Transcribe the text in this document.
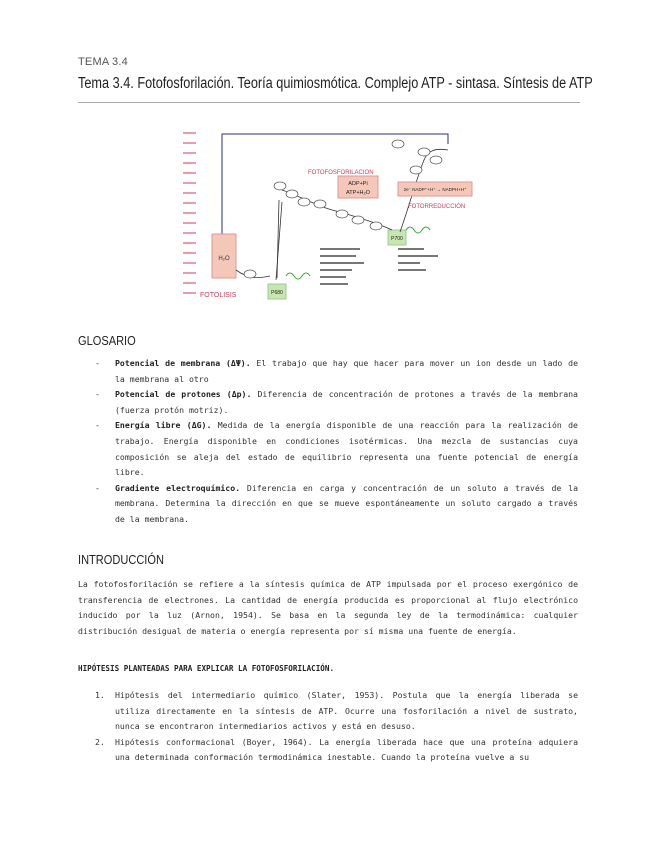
TEMA 3.4
Tema 3.4. Fotofosforilación. Teoría quimiosmótica. Complejo ATP - sintasa. Síntesis de ATP
H₂O
FOTOLISIS	P680
P700
FOTOFOSFORILACION
ADP+Pi
ATP+H₂O
2e⁻ NADP⁺+H⁺ → NADPH+H⁺
FOTORREDUCCIÓN
GLOSARIO
- Potencial de membrana (ΔΨ). El trabajo que hay que hacer para mover un ion desde un lado de la membrana al otro
- Potencial de protones (Δp). Diferencia de concentración de protones a través de la membrana (fuerza protón motriz).
- Energía libre (ΔG). Medida de la energía disponible de una reacción para la realización de trabajo. Energía disponible en condiciones isotérmicas. Una mezcla de sustancias cuya composición se aleja del estado de equilibrio representa una fuente potencial de energía libre.
- Gradiente electroquímico. Diferencia en carga y concentración de un soluto a través de la membrana. Determina la dirección en que se mueve espontáneamente un soluto cargado a través de la membrana.
INTRODUCCIÓN

La fotofosforilación se refiere a la síntesis química de ATP impulsada por el proceso exergónico de transferencia de electrones. La cantidad de energía producida es proporcional al flujo electrónico inducido por la luz (Arnon, 1954). Se basa en la segunda ley de la termodinámica: cualquier distribución desigual de materia o energía representa por sí misma una fuente de energía.

HIPÓTESIS PLANTEADAS PARA EXPLICAR LA FOTOFOSFORILACIÓN.
1. Hipótesis del intermediario químico (Slater, 1953). Postula que la energía liberada se utiliza directamente en la síntesis de ATP. Ocurre una fosforilación a nivel de sustrato, nunca se encontraron intermediarios activos y está en desuso.
2. Hipótesis conformacional (Boyer, 1964). La energía liberada hace que una proteína adquiera una determinada conformación termodinámica inestable. Cuando la proteína vuelve a su
